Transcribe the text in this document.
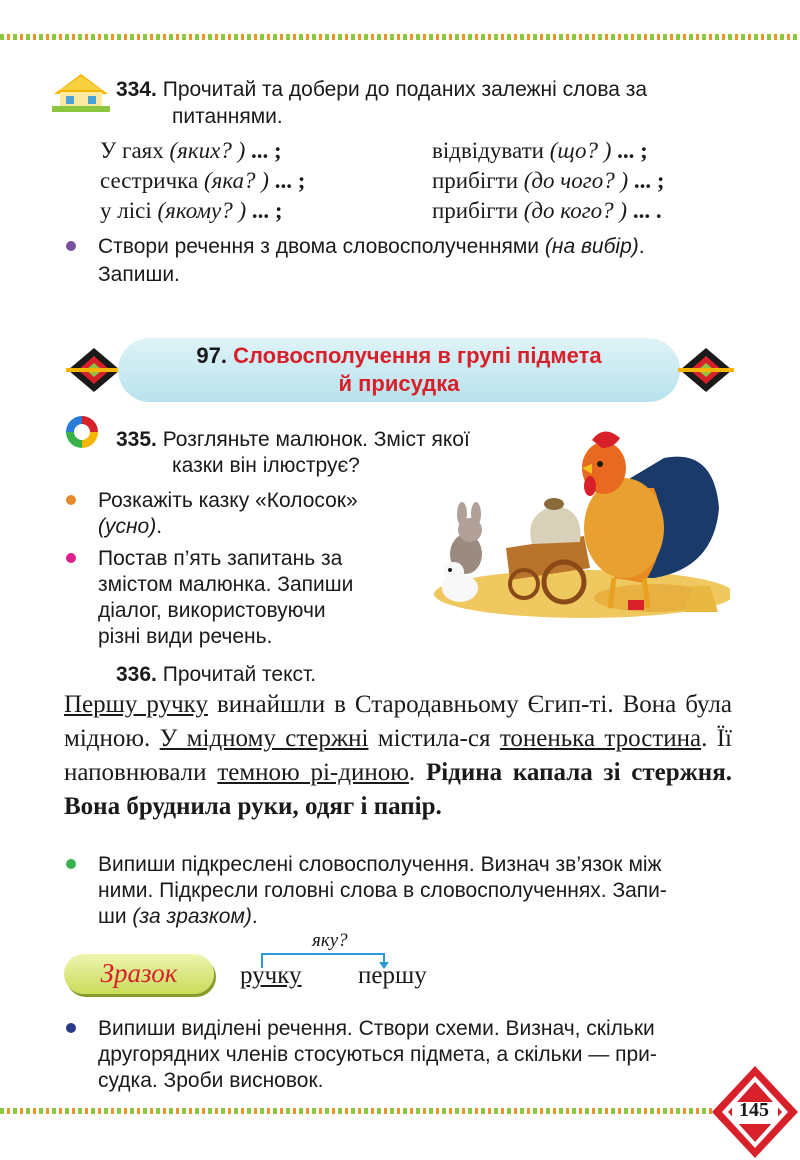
334. Прочитай та добери до поданих залежні слова за
питаннями.
У гаях (яких? ) ... ;
сестричка (яка? ) ... ;
у лісі (якому? ) ... ;
відвідувати (що? ) ... ;
прибігти (до чого? ) ... ;
прибігти (до кого? ) ... .
Створи речення з двома словосполученнями (на вибір).
Запиши.
97. Словосполучення в групі підмета
й присудка
335. Розгляньте малюнок. Зміст якої
казки він ілюструє?
Розкажіть казку «Колосок»
(усно).
Постав п’ять запитань за
змістом малюнка. Запиши
діалог, використовуючи
різні види речень.
336. Прочитай текст.
Першу ручку винайшли в Стародавньому Єгип-ті. Вона була мідною. У мідному стержні містила-ся тоненька тростина. Її наповнювали темною рі-диною. Рідина капала зі стержня. Вона бруднила руки, одяг і папір.
Випиши підкреслені словосполучення. Визнач зв’язок між
ними. Підкресли головні слова в словосполученнях. Запи-
ши (за зразком).
Зразок
яку?
ручку першу
Випиши виділені речення. Створи схеми. Визнач, скільки
другорядних членів стосуються підмета, а скільки — при-
судка. Зроби висновок.
145
